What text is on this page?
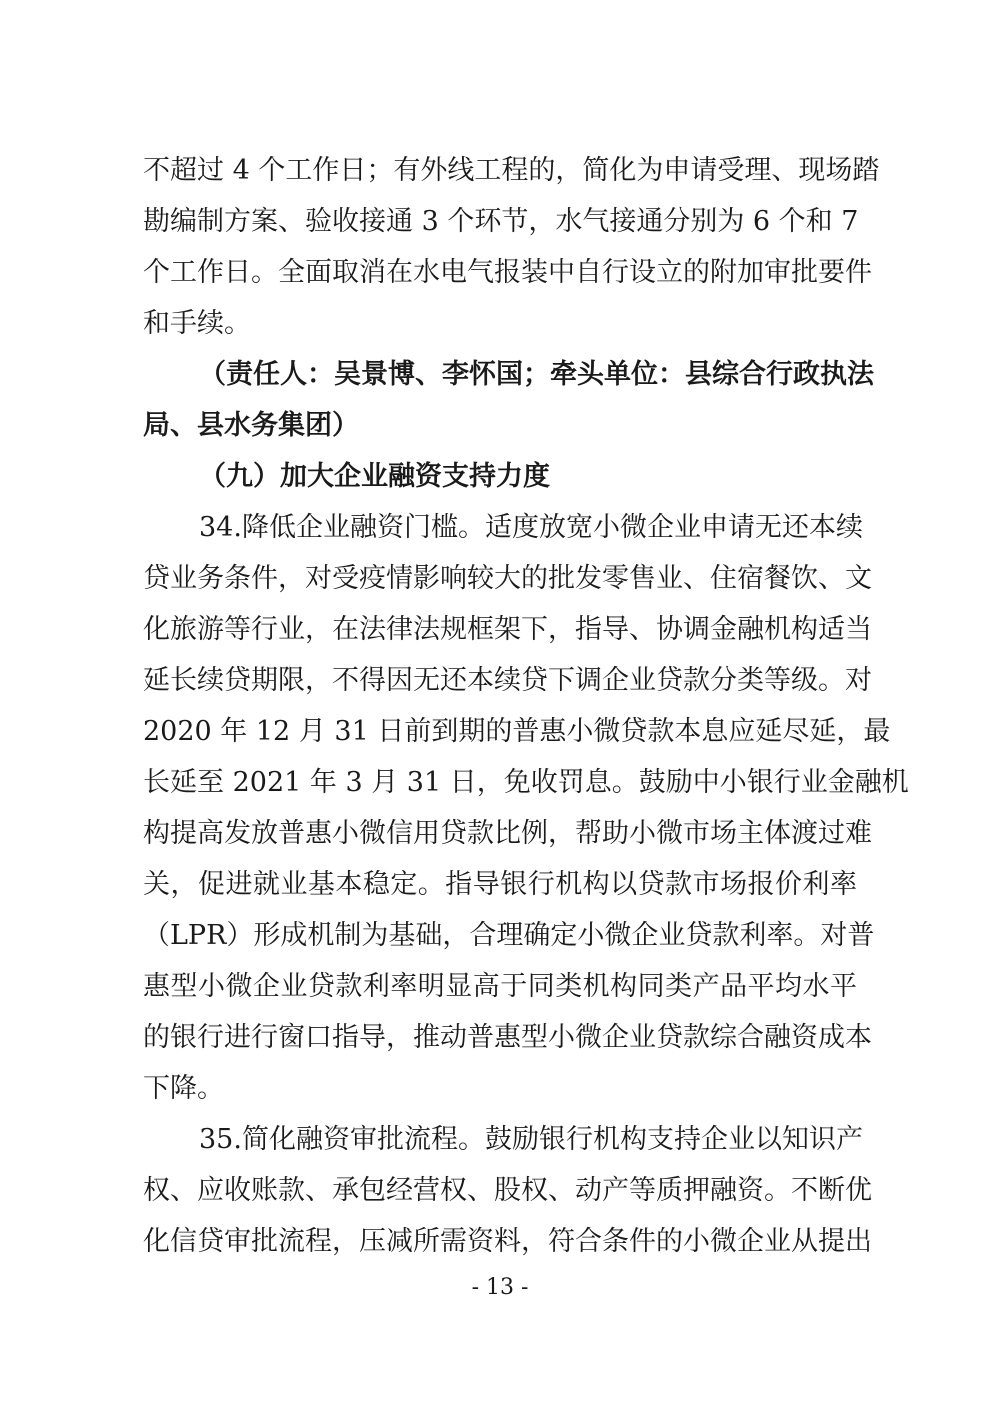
不超过 4 个工作日；有外线工程的，简化为申请受理、现场踏
勘编制方案、验收接通 3 个环节，水气接通分别为 6 个和 7
个工作日。全面取消在水电气报装中自行设立的附加审批要件
和手续。
（责任人：吴景博、李怀国；牵头单位：县综合行政执法
局、县水务集团）
（九）加大企业融资支持力度
34.降低企业融资门槛。适度放宽小微企业申请无还本续
贷业务条件，对受疫情影响较大的批发零售业、住宿餐饮、文
化旅游等行业，在法律法规框架下，指导、协调金融机构适当
延长续贷期限，不得因无还本续贷下调企业贷款分类等级。对
2020 年 12 月 31 日前到期的普惠小微贷款本息应延尽延，最
长延至 2021 年 3 月 31 日，免收罚息。鼓励中小银行业金融机
构提高发放普惠小微信用贷款比例，帮助小微市场主体渡过难
关，促进就业基本稳定。指导银行机构以贷款市场报价利率
（LPR）形成机制为基础，合理确定小微企业贷款利率。对普
惠型小微企业贷款利率明显高于同类机构同类产品平均水平
的银行进行窗口指导，推动普惠型小微企业贷款综合融资成本
下降。
35.简化融资审批流程。鼓励银行机构支持企业以知识产
权、应收账款、承包经营权、股权、动产等质押融资。不断优
化信贷审批流程，压减所需资料，符合条件的小微企业从提出
- 13 -
